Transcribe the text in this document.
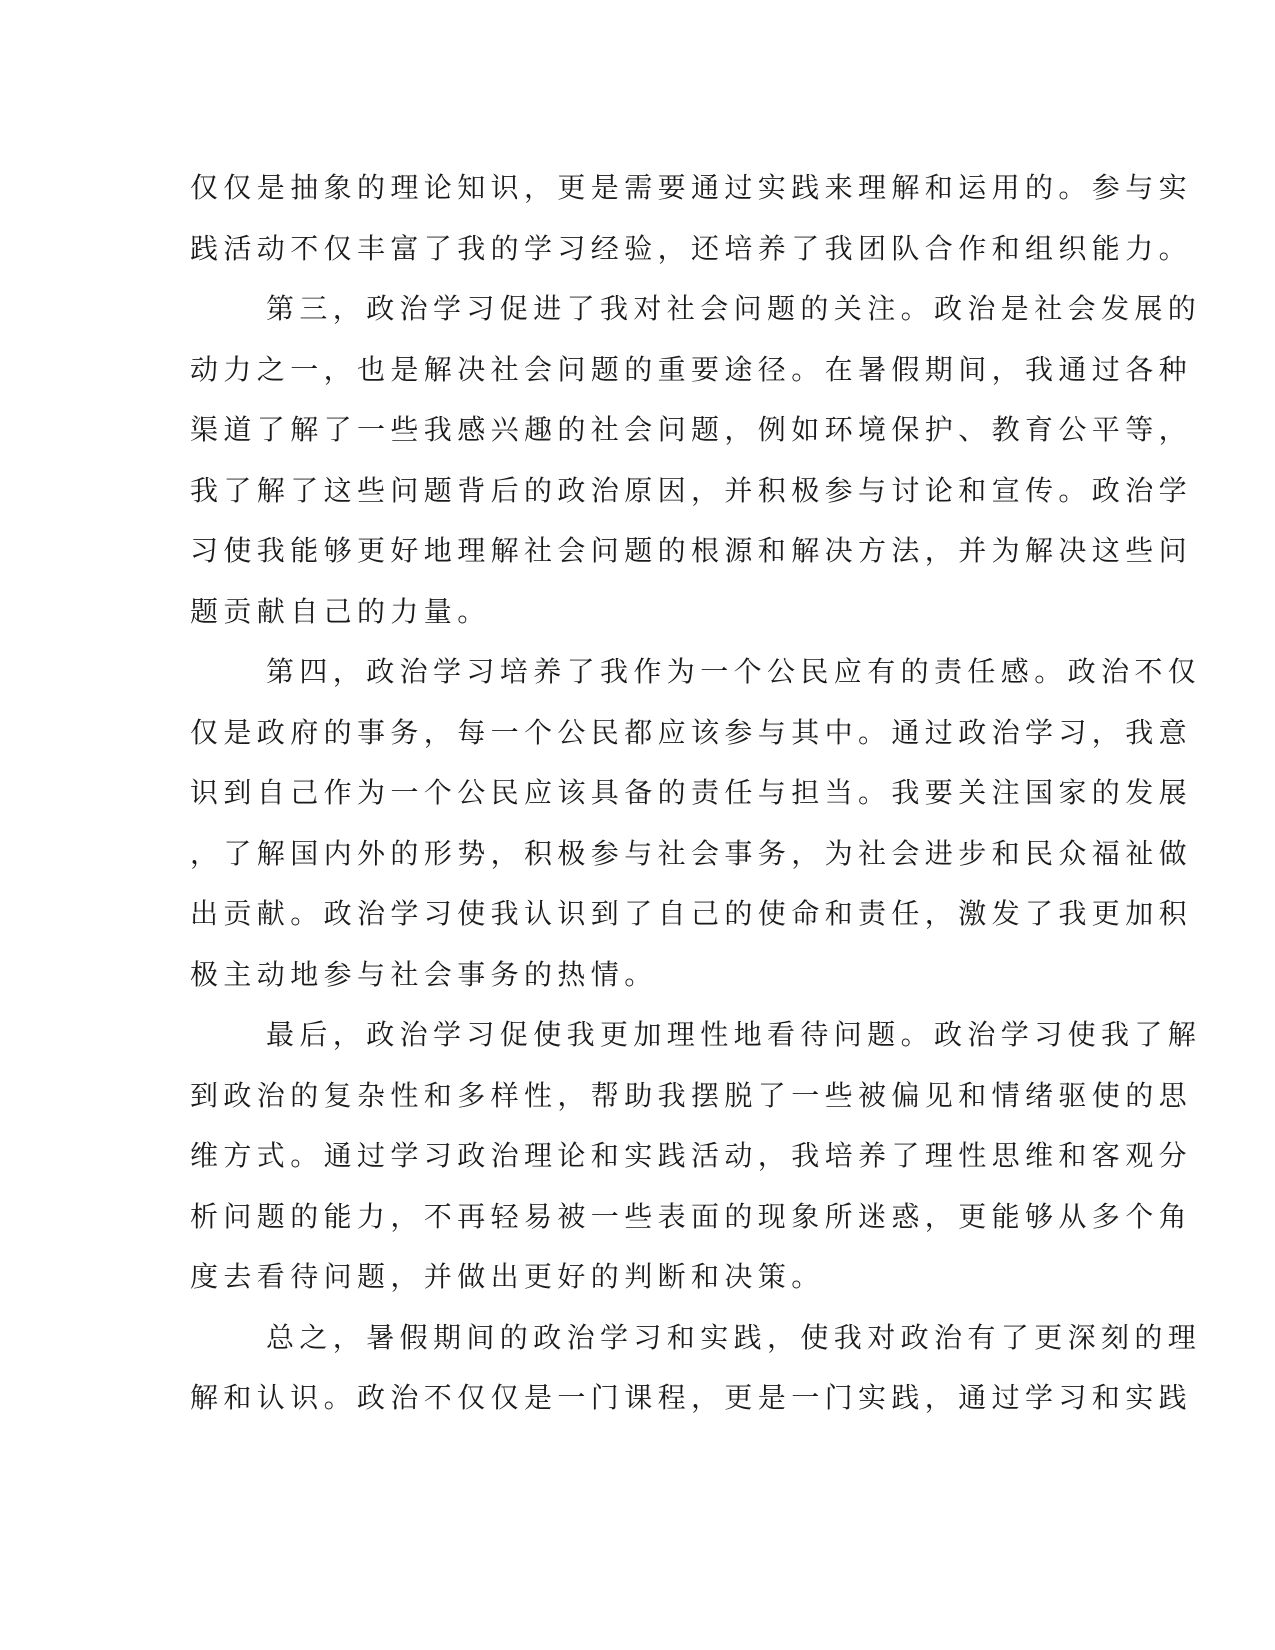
仅仅是抽象的理论知识，更是需要通过实践来理解和运用的。参与实
践活动不仅丰富了我的学习经验，还培养了我团队合作和组织能力。
第三，政治学习促进了我对社会问题的关注。政治是社会发展的
动力之一，也是解决社会问题的重要途径。在暑假期间，我通过各种
渠道了解了一些我感兴趣的社会问题，例如环境保护、教育公平等，
我了解了这些问题背后的政治原因，并积极参与讨论和宣传。政治学
习使我能够更好地理解社会问题的根源和解决方法，并为解决这些问
题贡献自己的力量。
第四，政治学习培养了我作为一个公民应有的责任感。政治不仅
仅是政府的事务，每一个公民都应该参与其中。通过政治学习，我意
识到自己作为一个公民应该具备的责任与担当。我要关注国家的发展
，了解国内外的形势，积极参与社会事务，为社会进步和民众福祉做
出贡献。政治学习使我认识到了自己的使命和责任，激发了我更加积
极主动地参与社会事务的热情。
最后，政治学习促使我更加理性地看待问题。政治学习使我了解
到政治的复杂性和多样性，帮助我摆脱了一些被偏见和情绪驱使的思
维方式。通过学习政治理论和实践活动，我培养了理性思维和客观分
析问题的能力，不再轻易被一些表面的现象所迷惑，更能够从多个角
度去看待问题，并做出更好的判断和决策。
总之，暑假期间的政治学习和实践，使我对政治有了更深刻的理
解和认识。政治不仅仅是一门课程，更是一门实践，通过学习和实践
